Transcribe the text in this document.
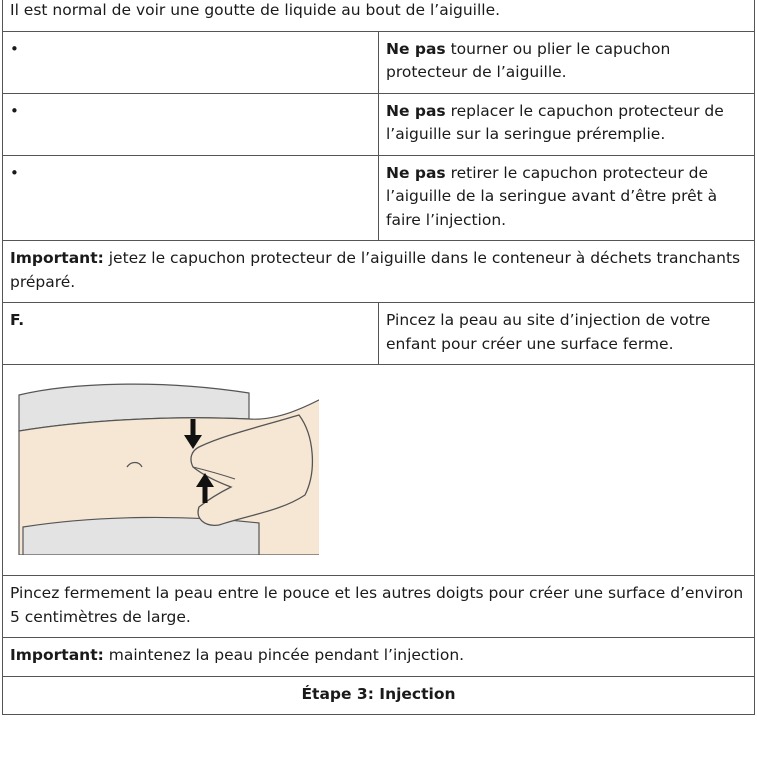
Il est normal de voir une goutte de liquide au bout de l’aiguille.	
•	Ne pas tourner ou plier le capuchon protecteur de l’aiguille.
•	Ne pas replacer le capuchon protecteur de l’aiguille sur la seringue préremplie.
•	Ne pas retirer le capuchon protecteur de l’aiguille de la seringue avant d’être prêt à faire l’injection.
Important: jetez le capuchon protecteur de l’aiguille dans le conteneur à déchets tranchants préparé.	
F.	Pincez la peau au site d’injection de votre enfant pour créer une surface ferme.

Pincez fermement la peau entre le pouce et les autres doigts pour créer une surface d’environ 5 centimètres de large.	
Important: maintenez la peau pincée pendant l’injection.	
Étape 3: Injection	
